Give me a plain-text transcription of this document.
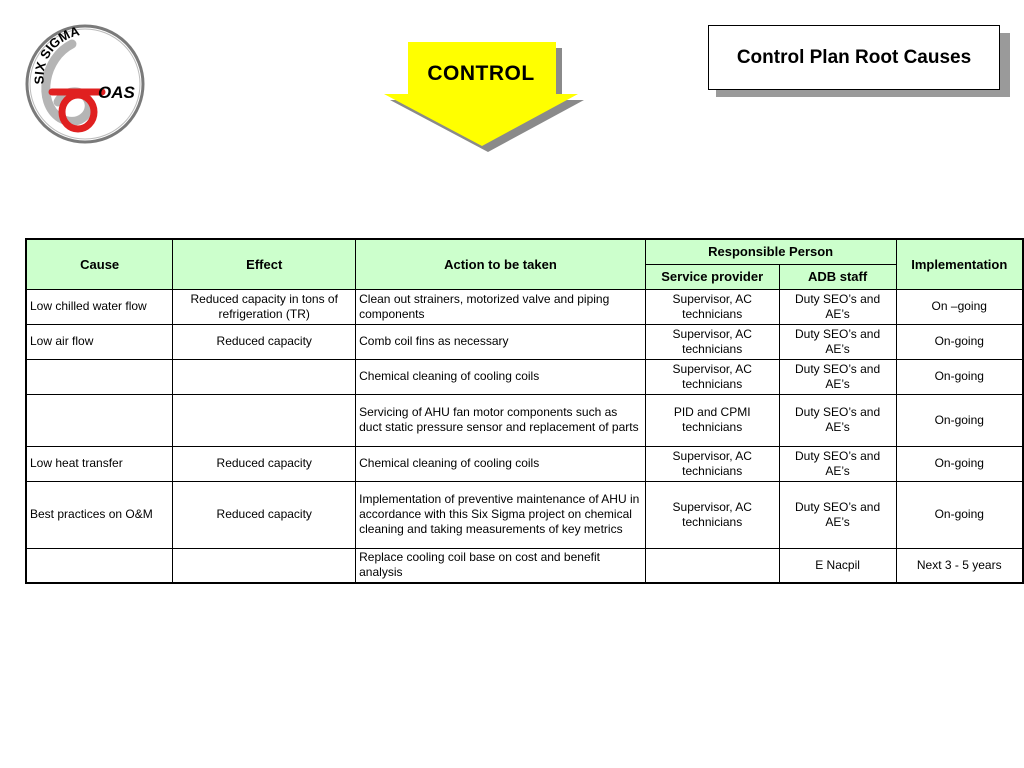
SIX SIGMA
OAS
CONTROL
Control Plan Root Causes
Cause	Effect	Action to be taken	Responsible Person		Implementation
			Service provider	ADB staff	
Low chilled water flow	Reduced capacity in tons of refrigeration (TR)	Clean out strainers, motorized valve and piping components	Supervisor, AC technicians	Duty SEO’s and AE’s	On –going
Low air flow	Reduced capacity	Comb coil fins as necessary	Supervisor, AC technicians	Duty SEO’s and AE’s	On-going
		Chemical cleaning of cooling coils	Supervisor, AC technicians	Duty SEO’s and AE’s	On-going
		Servicing of AHU fan motor components such as duct static pressure sensor and replacement of parts	PID and CPMI technicians	Duty SEO’s and AE’s	On-going
Low heat transfer	Reduced capacity	Chemical cleaning of cooling coils	Supervisor, AC technicians	Duty SEO’s and AE’s	On-going
Best practices on O&M	Reduced capacity	Implementation of preventive maintenance of AHU in accordance with this Six Sigma project on chemical cleaning and taking measurements of key metrics	Supervisor, AC technicians	Duty SEO’s and AE’s	On-going
		Replace cooling coil base on cost and benefit analysis		E Nacpil	Next 3 - 5 years
